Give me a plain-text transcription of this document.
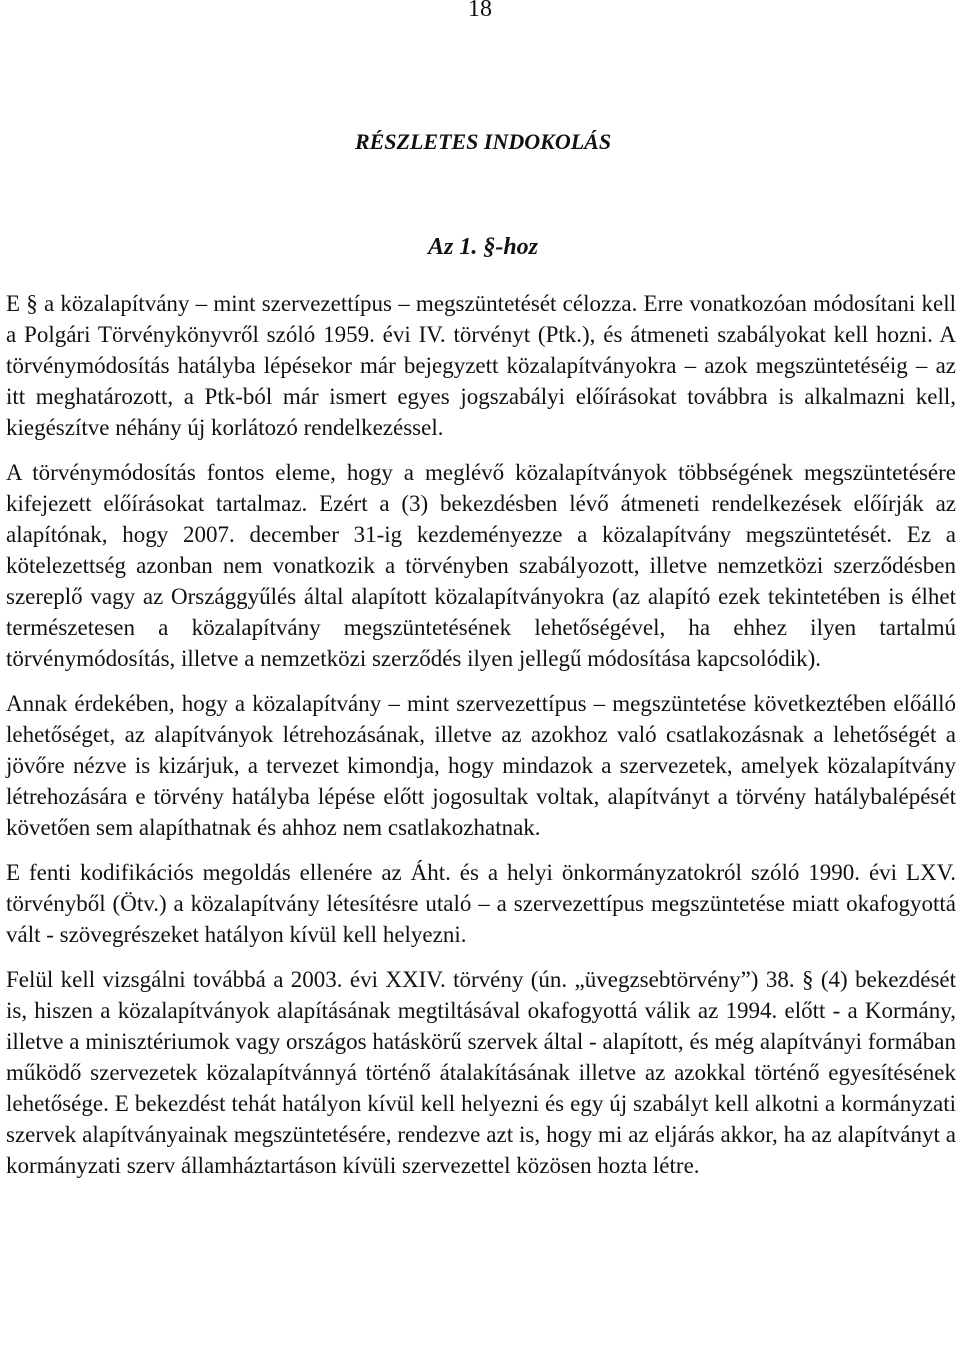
18
RÉSZLETES INDOKOLÁS
Az 1. §-hoz

E § a közalapítvány – mint szervezettípus – megszüntetését célozza. Erre vonatkozóan módosítani kell a Polgári Törvénykönyvről szóló 1959. évi IV. törvényt (Ptk.), és átmeneti szabályokat kell hozni. A törvénymódosítás hatályba lépésekor már bejegyzett közalapítványokra – azok megszüntetéséig – az itt meghatározott, a Ptk-ból már ismert egyes jogszabályi előírásokat továbbra is alkalmazni kell, kiegészítve néhány új korlátozó rendelkezéssel.

A törvénymódosítás fontos eleme, hogy a meglévő közalapítványok többségének megszüntetésére kifejezett előírásokat tartalmaz. Ezért a (3) bekezdésben lévő átmeneti rendelkezések előírják az alapítónak, hogy 2007. december 31-ig kezdeményezze a közalapítvány megszüntetését. Ez a kötelezettség azonban nem vonatkozik a törvényben szabályozott, illetve nemzetközi szerződésben szereplő vagy az Országgyűlés által alapított közalapítványokra (az alapító ezek tekintetében is élhet természetesen a közalapítvány megszüntetésének lehetőségével, ha ehhez ilyen tartalmú törvénymódosítás, illetve a nemzetközi szerződés ilyen jellegű módosítása kapcsolódik).

Annak érdekében, hogy a közalapítvány – mint szervezettípus – megszüntetése következtében előálló lehetőséget, az alapítványok létrehozásának, illetve az azokhoz való csatlakozásnak a lehetőségét a jövőre nézve is kizárjuk, a tervezet kimondja, hogy mindazok a szervezetek, amelyek közalapítvány létrehozására e törvény hatályba lépése előtt jogosultak voltak, alapítványt a törvény hatálybalépését követően sem alapíthatnak és ahhoz nem csatlakozhatnak.

E fenti kodifikációs megoldás ellenére az Áht. és a helyi önkormányzatokról szóló 1990. évi LXV. törvényből (Ötv.) a közalapítvány létesítésre utaló – a szervezettípus megszüntetése miatt okafogyottá vált - szövegrészeket hatályon kívül kell helyezni.

Felül kell vizsgálni továbbá a 2003. évi XXIV. törvény (ún. „üvegzsebtörvény”) 38. § (4) bekezdését is, hiszen a közalapítványok alapításának megtiltásával okafogyottá válik az 1994. előtt - a Kormány, illetve a minisztériumok vagy országos hatáskörű szervek által - alapított, és még alapítványi formában működő szervezetek közalapítvánnyá történő átalakításának illetve az azokkal történő egyesítésének lehetősége. E bekezdést tehát hatályon kívül kell helyezni és egy új szabályt kell alkotni a kormányzati szervek alapítványainak megszüntetésére, rendezve azt is, hogy mi az eljárás akkor, ha az alapítványt a kormányzati szerv államháztartáson kívüli szervezettel közösen hozta létre.
